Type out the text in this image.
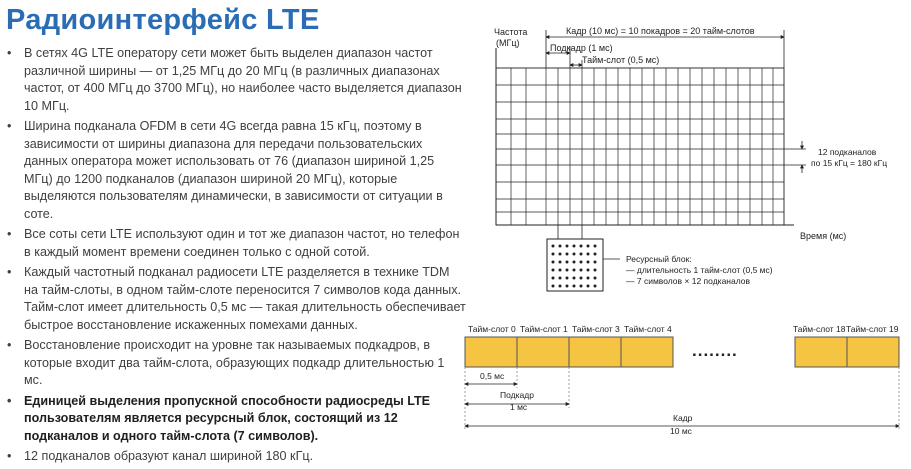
Радиоинтерфейс LTE
• В сетях 4G LTE оператору сети может быть выделен диапазон частот различной ширины — от 1,25 МГц до 20 МГц (в различных диапазонах частот, от 400 МГц до 3700 МГц), но наиболее часто выделяется диапазон 10 МГц.
• Ширина подканала OFDM в сети 4G всегда равна 15 кГц, поэтому в зависимости от ширины диапазона для передачи пользовательских данных оператора может использовать от 76 (диапазон шириной 1,25 МГц) до 1200 подканалов (диапазон шириной 20 МГц), которые выделяются пользователям динамически, в зависимости от ситуации в соте.
• Все соты сети LTE используют один и тот же диапазон частот, но телефон в каждый момент времени соединен только с одной сотой.
• Каждый частотный подканал радиосети LTE разделяется в технике TDM на тайм-слоты, в одном тайм-слоте переносится 7 символов кода данных. Тайм-слот имеет длительность 0,5 мс — такая длительность обеспечивает быстрое восстановление искаженных помехами данных.
• Восстановление происходит на уровне так называемых подкадров, в которые входит два тайм-слота, образующих подкадр длительностью 1 мс.
• Единицей выделения пропускной способности радиосреды LTE пользователям является ресурсный блок, состоящий из 12 подканалов и одного тайм-слота (7 символов).
• 12 подканалов образуют канал шириной 180 кГц.
Частота
(МГц)
Кадр (10 мс) = 10 покадров = 20 тайм-слотов
Подкадр (1 мс)
Тайм-слот (0,5 мс)
12 подканалов
по 15 кГц = 180 кГц
Время (мс)
Ресурсный блок:
— длительность 1 тайм-слот (0,5 мс)
— 7 символов × 12 подканалов
Тайм-слот 0 Тайм-слот 1 Тайм-слот 3 Тайм-слот 4	Тайм-слот 18 Тайм-слот 19
........
0,5 мс
Подкадр
1 мс
Кадр
10 мс
